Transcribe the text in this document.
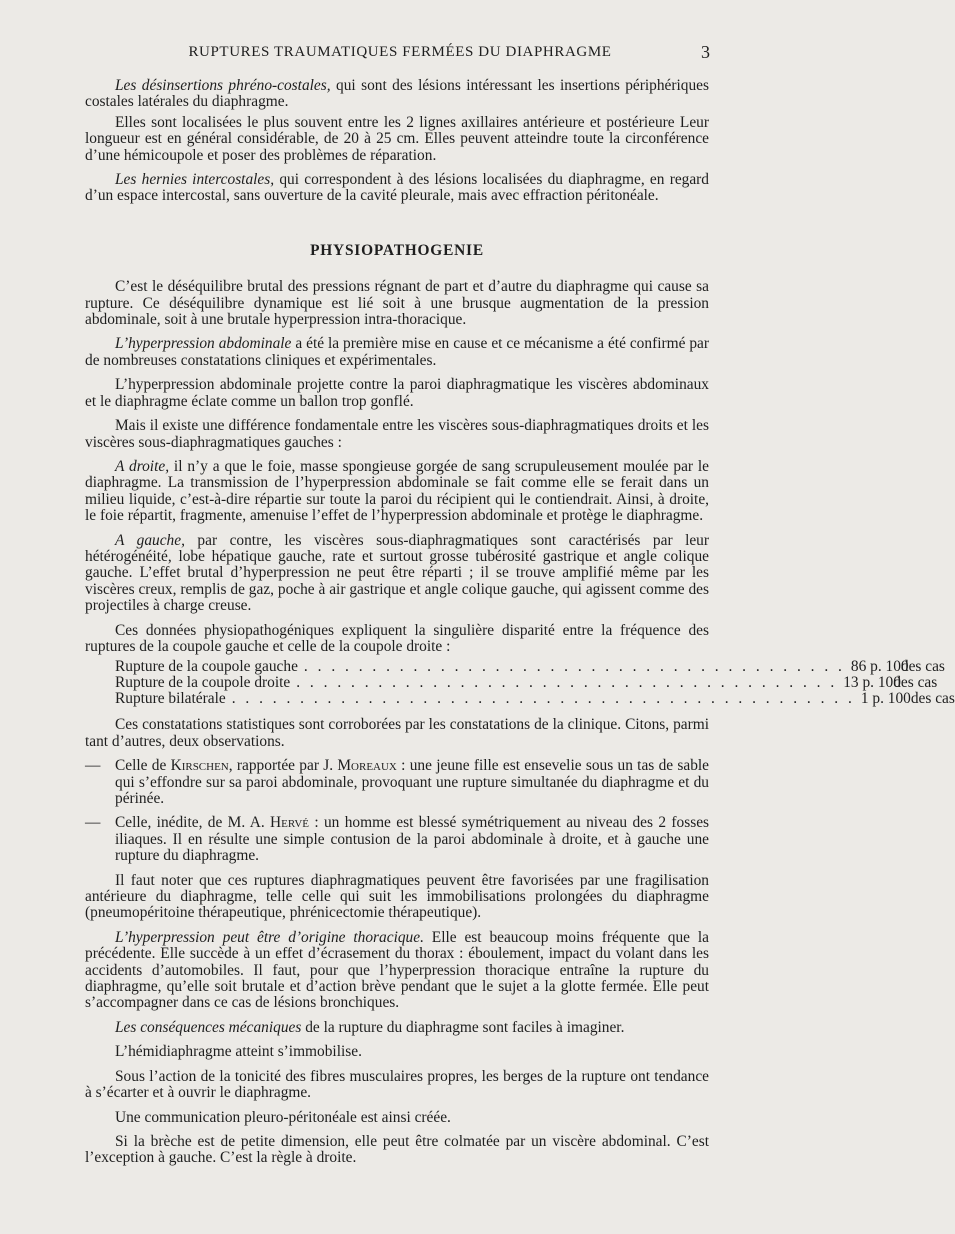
RUPTURES TRAUMATIQUES FERMÉES DU DIAPHRAGME	3

Les désinsertions phréno-costales, qui sont des lésions intéressant les insertions périphériques costales latérales du diaphragme.

Elles sont localisées le plus souvent entre les 2 lignes axillaires antérieure et postérieure Leur longueur est en général considérable, de 20 à 25 cm. Elles peuvent atteindre toute la circonférence d’une hémicoupole et poser des problèmes de réparation.

Les hernies intercostales, qui correspondent à des lésions localisées du diaphragme, en regard d’un espace intercostal, sans ouverture de la cavité pleurale, mais avec effraction péritonéale.

PHYSIOPATHOGENIE

C’est le déséquilibre brutal des pressions régnant de part et d’autre du diaphragme qui cause sa rupture. Ce déséquilibre dynamique est lié soit à une brusque augmentation de la pression abdominale, soit à une brutale hyperpression intra-thoracique.

L’hyperpression abdominale a été la première mise en cause et ce mécanisme a été confirmé par de nombreuses constatations cliniques et expérimentales.

L’hyperpression abdominale projette contre la paroi diaphragmatique les viscères abdominaux et le diaphragme éclate comme un ballon trop gonflé.

Mais il existe une différence fondamentale entre les viscères sous-diaphragmatiques droits et les viscères sous-diaphragmatiques gauches :

A droite, il n’y a que le foie, masse spongieuse gorgée de sang scrupuleusement moulée par le diaphragme. La transmission de l’hyperpression abdominale se fait comme elle se ferait dans un milieu liquide, c’est-à-dire répartie sur toute la paroi du récipient qui le contiendrait. Ainsi, à droite, le foie répartit, fragmente, amenuise l’effet de l’hyperpression abdominale et protège le diaphragme.

A gauche, par contre, les viscères sous-diaphragmatiques sont caractérisés par leur hétérogénéité, lobe hépatique gauche, rate et surtout grosse tubérosité gastrique et angle colique gauche. L’effet brutal d’hyperpression ne peut être réparti ; il se trouve amplifié même par les viscères creux, remplis de gaz, poche à air gastrique et angle colique gauche, qui agissent comme des projectiles à charge creuse.

Ces données physiopathogéniques expliquent la singulière disparité entre la fréquence des ruptures de la coupole gauche et celle de la coupole droite :

Rupture de la coupole gauche . . . . . . . . . . . . . . . . . . . . . . . . . . . . . . . . . . . . . . . . 86 p. 100
des cas
Rupture de la coupole droite . . . . . . . . . . . . . . . . . . . . . . . . . . . . . . . . . . . . . . . . 13 p. 100
des cas
Rupture bilatérale . . . . . . . . . . . . . . . . . . . . . . . . . . . . . . . . . . . . . . . . . . . . . . 1 p. 100 des cas

Ces constatations statistiques sont corroborées par les constatations de la clinique. Citons, parmi tant d’autres, deux observations.

— Celle de Kirschen, rapportée par J. Moreaux : une jeune fille est ensevelie sous un tas de sable qui s’effondre sur sa paroi abdominale, provoquant une rupture simultanée du diaphragme et du périnée.
— Celle, inédite, de M. A. Hervé : un homme est blessé symétriquement au niveau des 2 fosses iliaques. Il en résulte une simple contusion de la paroi abdominale à droite, et à gauche une rupture du diaphragme.

Il faut noter que ces ruptures diaphragmatiques peuvent être favorisées par une fragilisation antérieure du diaphragme, telle celle qui suit les immobilisations prolongées du diaphragme (pneumopéritoine thérapeutique, phrénicectomie thérapeutique).

L’hyperpression peut être d’origine thoracique. Elle est beaucoup moins fréquente que la précédente. Elle succède à un effet d’écrasement du thorax : éboulement, impact du volant dans les accidents d’automobiles. Il faut, pour que l’hyperpression thoracique entraîne la rupture du diaphragme, qu’elle soit brutale et d’action brève pendant que le sujet a la glotte fermée. Elle peut s’accompagner dans ce cas de lésions bronchiques.

Les conséquences mécaniques de la rupture du diaphragme sont faciles à imaginer.

L’hémidiaphragme atteint s’immobilise.

Sous l’action de la tonicité des fibres musculaires propres, les berges de la rupture ont tendance à s’écarter et à ouvrir le diaphragme.

Une communication pleuro-péritonéale est ainsi créée.

Si la brèche est de petite dimension, elle peut être colmatée par un viscère abdominal. C’est l’exception à gauche. C’est la règle à droite.
